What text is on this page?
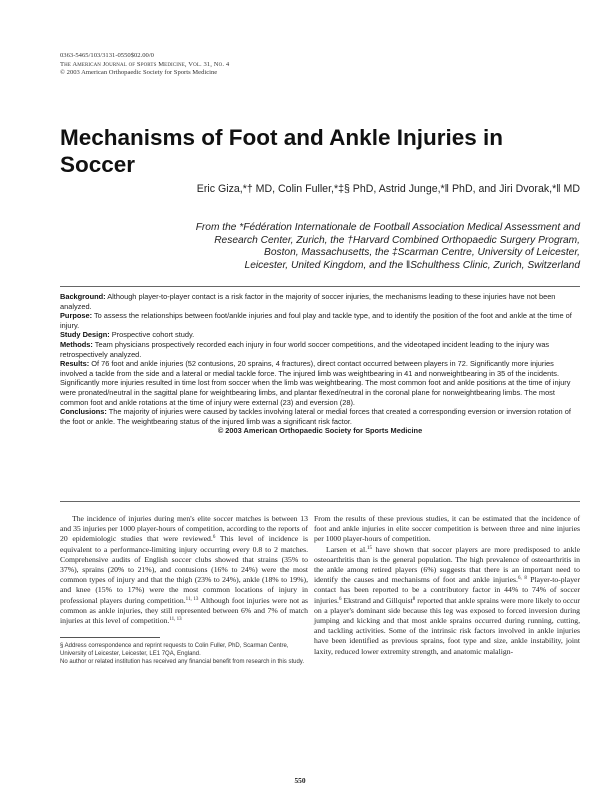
0363-5465/103/3131-0550$02.00/0
The American Journal of Sports Medicine, Vol. 31, No. 4
© 2003 American Orthopaedic Society for Sports Medicine
Mechanisms of Foot and Ankle Injuries in Soccer
Eric Giza,*† MD, Colin Fuller,*‡§ PhD, Astrid Junge,*‖ PhD, and Jiri Dvorak,*‖ MD
From the *Fédération Internationale de Football Association Medical Assessment and
Research Center, Zurich, the †Harvard Combined Orthopaedic Surgery Program,
Boston, Massachusetts, the ‡Scarman Centre, University of Leicester,
Leicester, United Kingdom, and the ‖Schulthess Clinic, Zurich, Switzerland

Background: Although player-to-player contact is a risk factor in the majority of soccer injuries, the mechanisms leading to these injuries have not been analyzed.

Purpose: To assess the relationships between foot/ankle injuries and foul play and tackle type, and to identify the position of the foot and ankle at the time of injury.

Study Design: Prospective cohort study.

Methods: Team physicians prospectively recorded each injury in four world soccer competitions, and the videotaped incident leading to the injury was retrospectively analyzed.

Results: Of 76 foot and ankle injuries (52 contusions, 20 sprains, 4 fractures), direct contact occurred between players in 72. Significantly more injuries involved a tackle from the side and a lateral or medial tackle force. The injured limb was weightbearing in 41 and nonweightbearing in 35 of the incidents. Significantly more injuries resulted in time lost from soccer when the limb was weightbearing. The most common foot and ankle positions at the time of injury were pronated/neutral in the sagittal plane for weightbearing limbs, and plantar flexed/neutral in the coronal plane for nonweightbearing limbs. The most common foot and ankle rotations at the time of injury were external (23) and eversion (28).

Conclusions: The majority of injuries were caused by tackles involving lateral or medial forces that created a corresponding eversion or inversion rotation of the foot or ankle. The weightbearing status of the injured limb was a significant risk factor.

© 2003 American Orthopaedic Society for Sports Medicine

The incidence of injuries during men's elite soccer matches is between 13 and 35 injuries per 1000 player-hours of competition, according to the reports of 20 epidemiologic studies that were reviewed.$^6$ This level of incidence is equivalent to a performance-limiting injury occurring every 0.8 to 2 matches. Comprehensive audits of English soccer clubs showed that strains (35% to 37%), sprains (20% to 21%), and contusions (16% to 24%) were the most common types of injury and that the thigh (23% to 24%), ankle (18% to 19%), and knee (15% to 17%) were the most common locations of injury in professional players during competition.$^{11, 13}$ Although foot injuries were not as common as ankle injuries, they still represented between 6% and 7% of match injuries at this level of competition.$^{11, 13}$

§ Address correspondence and reprint requests to Colin Fuller, PhD, Scarman Centre, University of Leicester, Leicester, LE1 7QA, England.

No author or related institution has received any financial benefit from research in this study.

From the results of these previous studies, it can be estimated that the incidence of foot and ankle injuries in elite soccer competition is between three and nine injuries per 1000 player-hours of competition.

Larsen et al.$^{15}$ have shown that soccer players are more predisposed to ankle osteoarthritis than is the general population. The high prevalence of osteoarthritis in the ankle among retired players (6%) suggests that there is an important need to identify the causes and mechanisms of foot and ankle injuries.$^{6, 8}$ Player-to-player contact has been reported to be a contributory factor in 44% to 74% of soccer injuries.$^6$ Ekstrand and Gillquist$^8$ reported that ankle sprains were more likely to occur on a player's dominant side because this leg was exposed to forced inversion during jumping and kicking and that most ankle sprains occurred during running, cutting, and tackling activities. Some of the intrinsic risk factors involved in ankle injuries have been identified as previous sprains, foot type and size, ankle instability, joint laxity, reduced lower extremity strength, and anatomic malalign-

550
